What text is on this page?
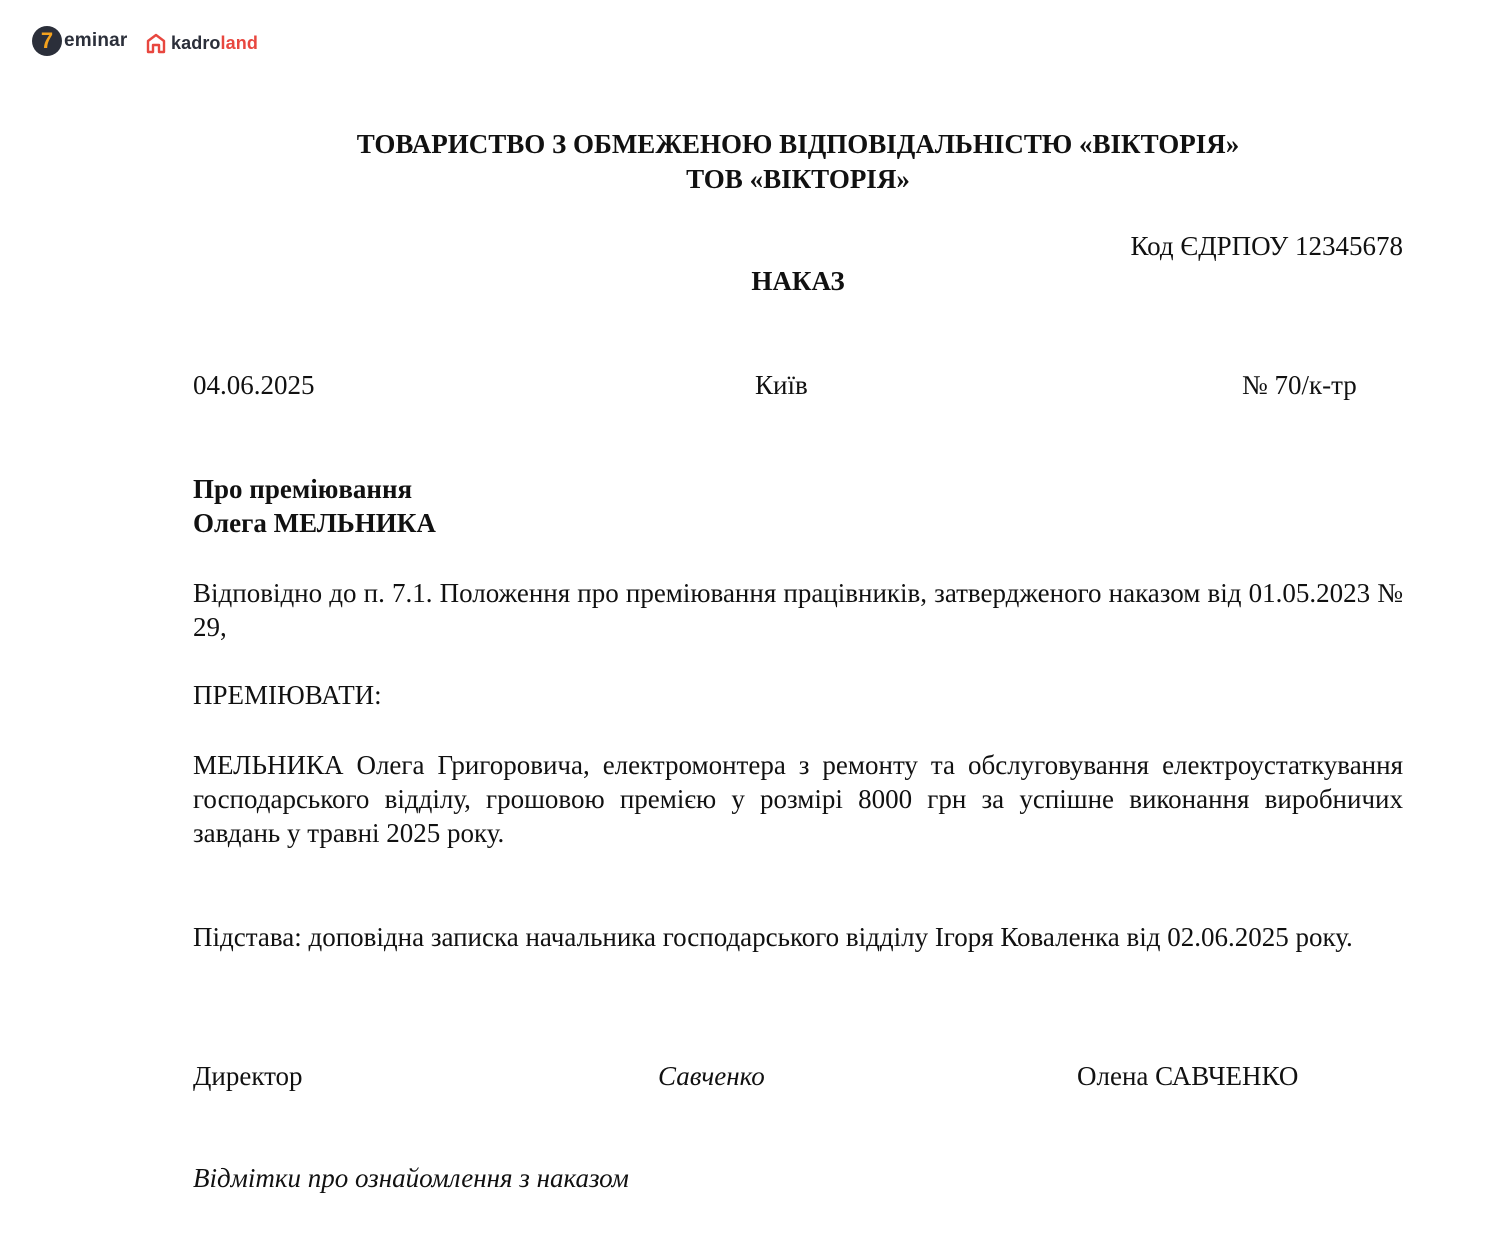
7 eminar kadroland
ТОВАРИСТВО З ОБМЕЖЕНОЮ ВІДПОВІДАЛЬНІСТЮ «ВІКТОРІЯ»
ТОВ «ВІКТОРІЯ»
Код ЄДРПОУ 12345678
НАКАЗ
04.06.2025	Київ	№ 70/к-тр
Про преміювання
Олега МЕЛЬНИКА
Відповідно до п. 7.1. Положення про преміювання працівників, затвердженого наказом від 01.05.2023 № 29,
ПРЕМІЮВАТИ:
МЕЛЬНИКА Олега Григоровича, електромонтера з ремонту та обслуговування електроустаткування господарського відділу, грошовою премією у розмірі 8000 грн за успішне виконання виробничих завдань у травні 2025 року.
Підстава: доповідна записка начальника господарського відділу Ігоря Коваленка від 02.06.2025 року.
Директор	Савченко	Олена САВЧЕНКО
Відмітки про ознайомлення з наказом
